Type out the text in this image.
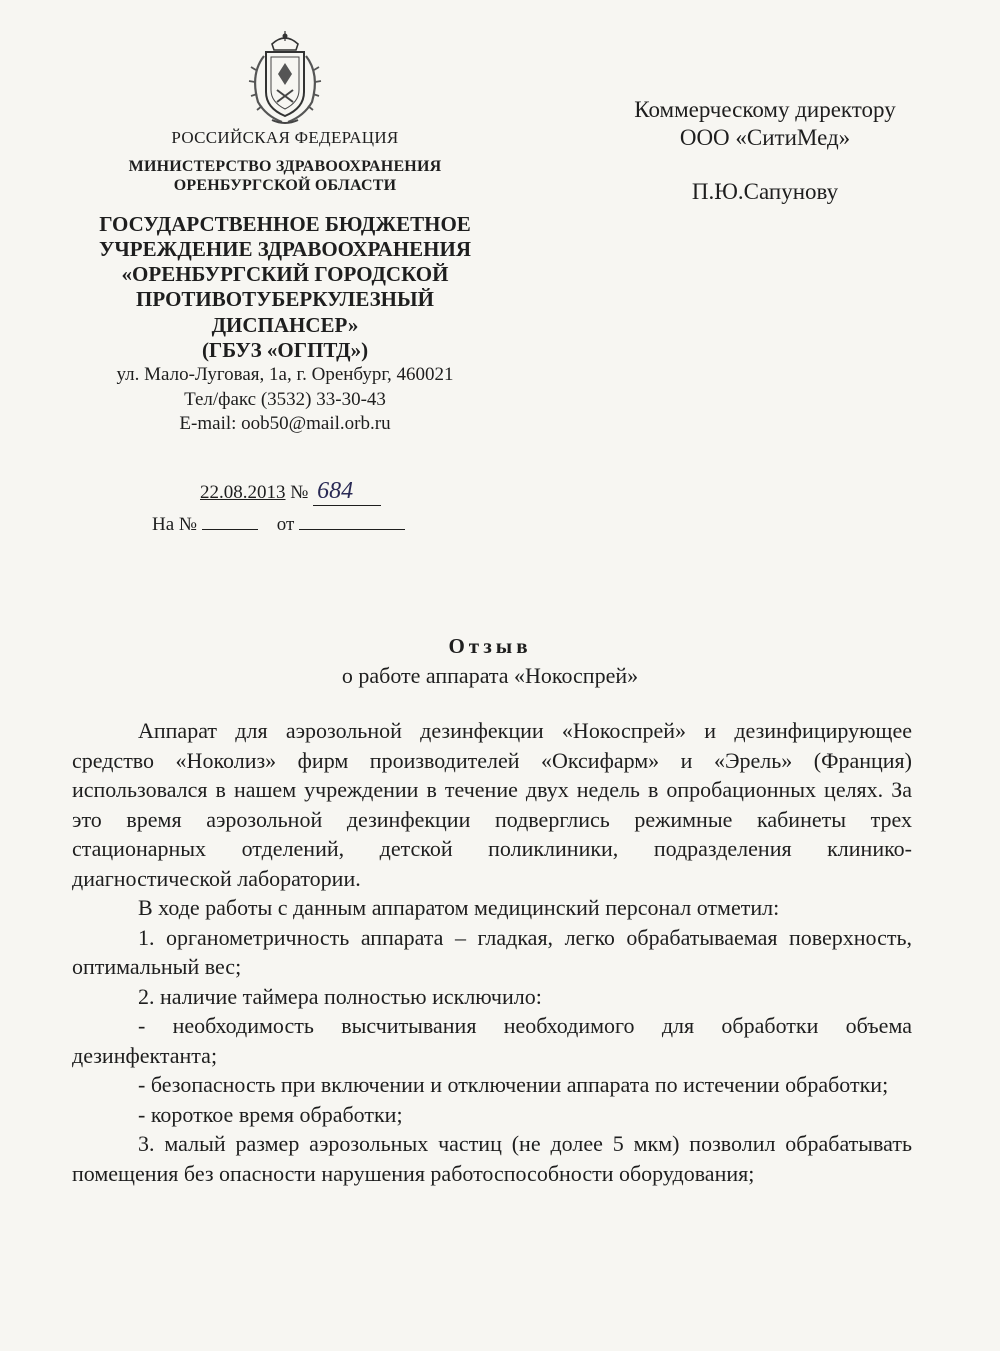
РОССИЙСКАЯ ФЕДЕРАЦИЯ
МИНИСТЕРСТВО ЗДРАВООХРАНЕНИЯ
ОРЕНБУРГСКОЙ ОБЛАСТИ
ГОСУДАРСТВЕННОЕ БЮДЖЕТНОЕ
УЧРЕЖДЕНИЕ ЗДРАВООХРАНЕНИЯ
«ОРЕНБУРГСКИЙ ГОРОДСКОЙ
ПРОТИВОТУБЕРКУЛЕЗНЫЙ
ДИСПАНСЕР»
(ГБУЗ «ОГПТД»)
ул. Мало-Луговая, 1а, г. Оренбург, 460021
Тел/факс (3532) 33-30-43
E-mail: oob50@mail.orb.ru
22.08.2013 № 684
На №	от
Коммерческому директору
ООО «СитиМед»
П.Ю.Сапунову
Отзыв
о работе аппарата «Нокоспрей»

Аппарат для аэрозольной дезинфекции «Нокоспрей» и дезинфицирующее средство «Ноколиз» фирм производителей «Оксифарм» и «Эрель» (Франция) использовался в нашем учреждении в течение двух недель в опробационных целях. За это время аэрозольной дезинфекции подверглись режимные кабинеты трех стационарных отделений, детской поликлиники, подразделения клинико-диагностической лаборатории.

В ходе работы с данным аппаратом медицинский персонал отметил:

1. органометричность аппарата – гладкая, легко обрабатываемая поверхность, оптимальный вес;

2. наличие таймера полностью исключило:

- необходимость высчитывания необходимого для обработки объема дезинфектанта;

- безопасность при включении и отключении аппарата по истечении обработки;

- короткое время обработки;

3. малый размер аэрозольных частиц (не долее 5 мкм) позволил обрабатывать помещения без опасности нарушения работоспособности оборудования;
